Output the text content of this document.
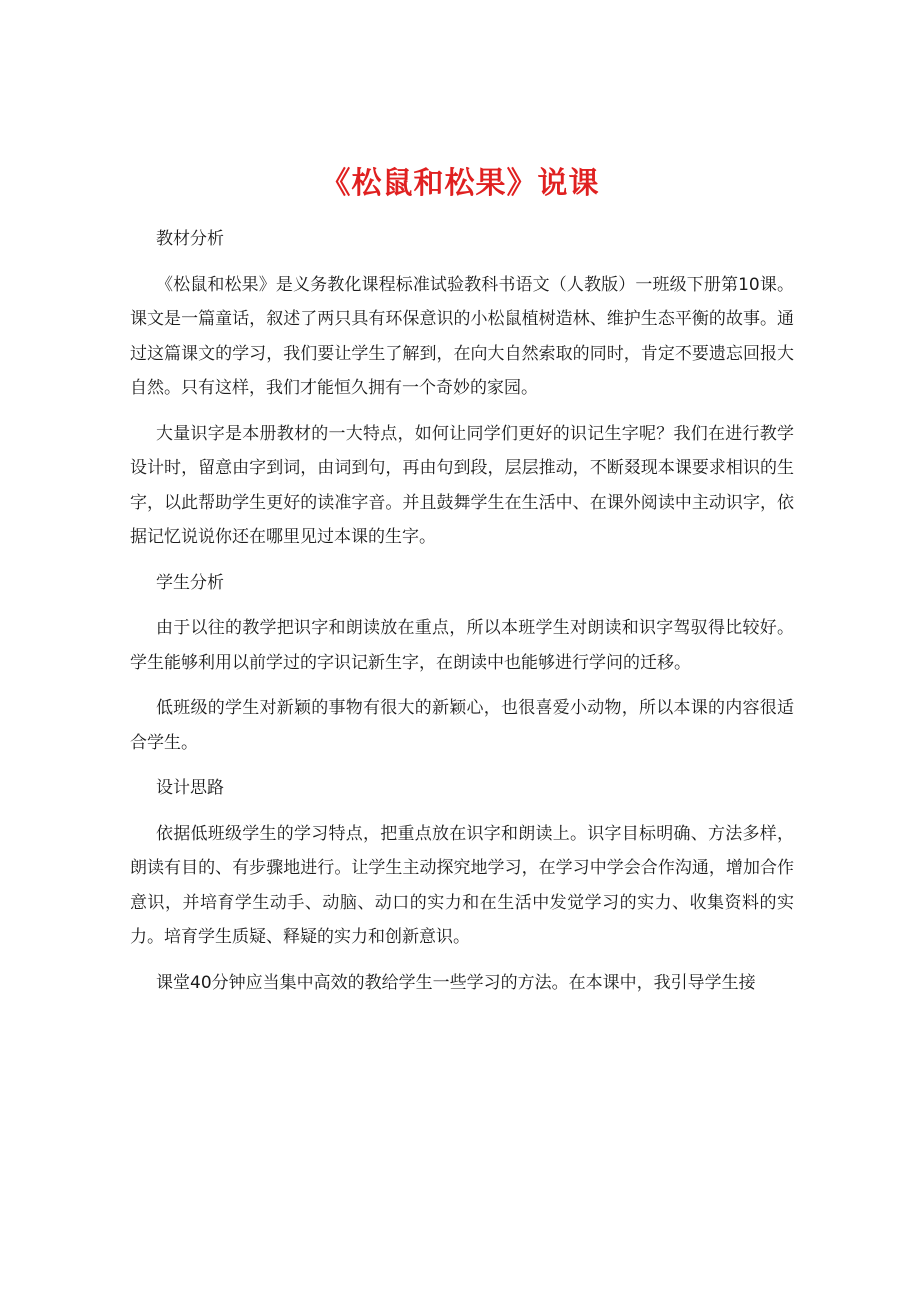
《松鼠和松果》说课
教材分析

《松鼠和松果》是义务教化课程标准试验教科书语文（人教版）一班级下册第10课。课文是一篇童话，叙述了两只具有环保意识的小松鼠植树造林、维护生态平衡的故事。通过这篇课文的学习，我们要让学生了解到，在向大自然索取的同时，肯定不要遗忘回报大自然。只有这样，我们才能恒久拥有一个奇妙的家园。

大量识字是本册教材的一大特点，如何让同学们更好的识记生字呢？我们在进行教学设计时，留意由字到词，由词到句，再由句到段，层层推动，不断叕现本课要求相识的生字，以此帮助学生更好的读准字音。并且鼓舞学生在生活中、在课外阅读中主动识字，依据记忆说说你还在哪里见过本课的生字。

学生分析

由于以往的教学把识字和朗读放在重点，所以本班学生对朗读和识字驾驭得比较好。学生能够利用以前学过的字识记新生字，在朗读中也能够进行学问的迁移。

低班级的学生对新颖的事物有很大的新颖心，也很喜爱小动物，所以本课的内容很适合学生。

设计思路

依据低班级学生的学习特点，把重点放在识字和朗读上。识字目标明确、方法多样，朗读有目的、有步骤地进行。让学生主动探究地学习，在学习中学会合作沟通，增加合作意识，并培育学生动手、动脑、动口的实力和在生活中发觉学习的实力、收集资料的实力。培育学生质疑、释疑的实力和创新意识。

课堂40分钟应当集中高效的教给学生一些学习的方法。在本课中，我引导学生接
